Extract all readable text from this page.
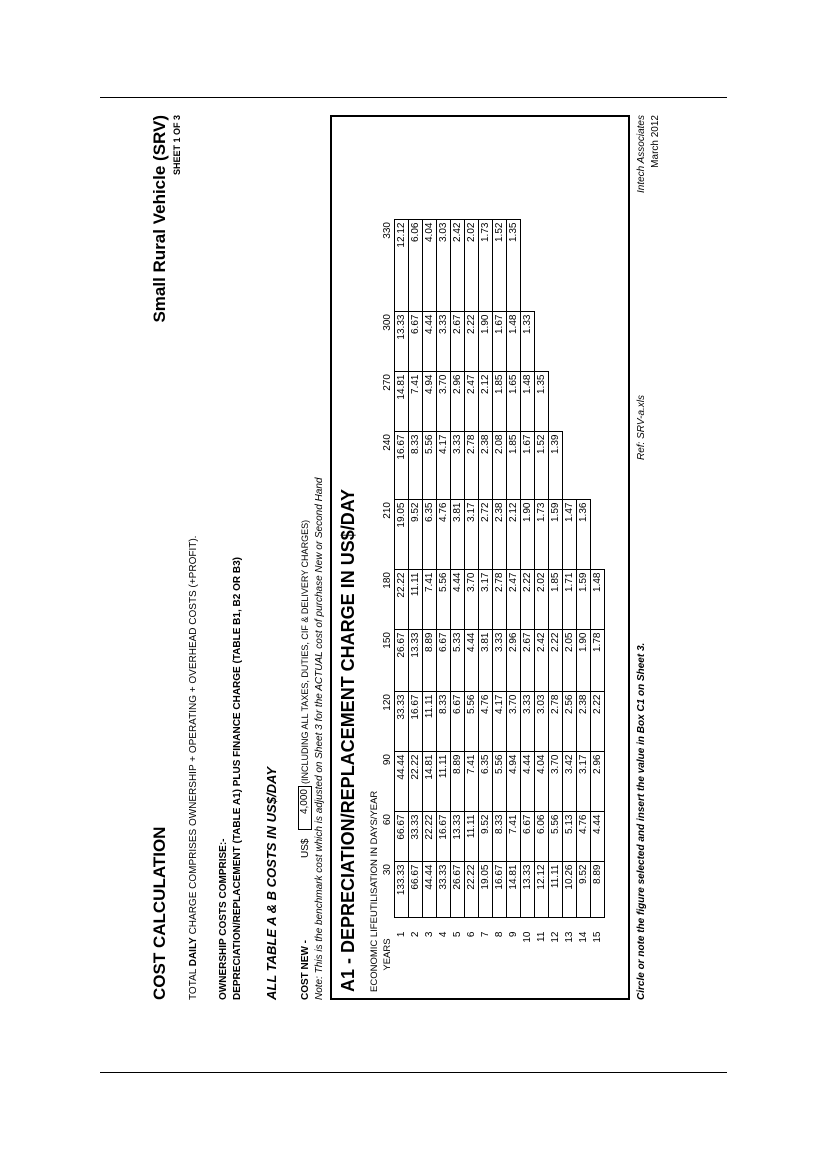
COST CALCULATION
Small Rural Vehicle (SRV) SHEET 1 OF 3
TOTAL DAILY CHARGE COMPRISES OWNERSHIP + OPERATING + OVERHEAD COSTS (+PROFIT). OWNERSHIP COSTS COMPRISE:- DEPRECIATION/REPLACEMENT (TABLE A1) PLUS FINANCE CHARGE (TABLE B1, B2 OR B3) ALL TABLE A & B COSTS IN US$/DAY COST NEW -
US$
4,000
(INCLUDING ALL TAXES, DUTIES, CIF & DELIVERY CHARGES) Note: This is the benchmark cost which is adjusted on Sheet 3 for the ACTUAL cost of purchase New or Second Hand A1 - DEPRECIATION/REPLACEMENT CHARGE IN US$/DAY ECONOMIC LIFE	UTILISATION IN DAYS/YEAR										
YEARS	30	60	90	120	150	180	210	240	270	300	330
1	133.33	66.67	44.44	33.33	26.67	22.22	19.05	16.67	14.81	13.33	12.12
2	66.67	33.33	22.22	16.67	13.33	11.11	9.52	8.33	7.41	6.67	6.06
3	44.44	22.22	14.81	11.11	8.89	7.41	6.35	5.56	4.94	4.44	4.04
4	33.33	16.67	11.11	8.33	6.67	5.56	4.76	4.17	3.70	3.33	3.03
5	26.67	13.33	8.89	6.67	5.33	4.44	3.81	3.33	2.96	2.67	2.42
6	22.22	11.11	7.41	5.56	4.44	3.70	3.17	2.78	2.47	2.22	2.02
7	19.05	9.52	6.35	4.76	3.81	3.17	2.72	2.38	2.12	1.90	1.73
8	16.67	8.33	5.56	4.17	3.33	2.78	2.38	2.08	1.85	1.67	1.52
9	14.81	7.41	4.94	3.70	2.96	2.47	2.12	1.85	1.65	1.48	1.35
10	13.33	6.67	4.44	3.33	2.67	2.22	1.90	1.67	1.48	1.33	
11	12.12	6.06	4.04	3.03	2.42	2.02	1.73	1.52	1.35		
12	11.11	5.56	3.70	2.78	2.22	1.85	1.59	1.39			
13	10.26	5.13	3.42	2.56	2.05	1.71	1.47				
14	9.52	4.76	3.17	2.38	1.90	1.59	1.36				
15	8.89	4.44	2.96	2.22	1.78	1.48					
Circle or note the figure selected and insert the value in Box C1 on Sheet 3.
Ref: SRV-a.xls
Intech Associates March 2012
